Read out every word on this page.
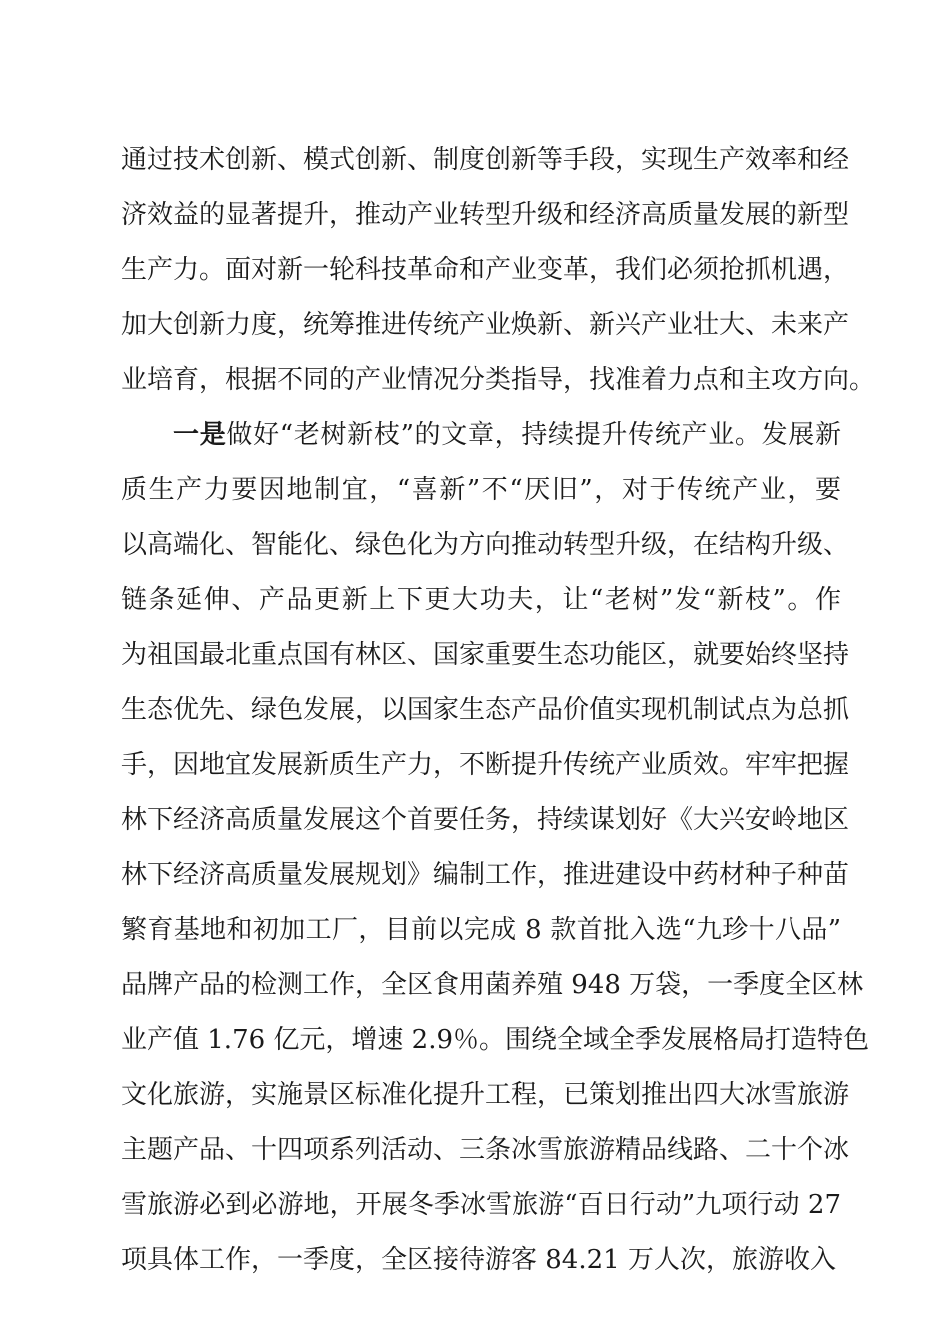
通过技术创新、模式创新、制度创新等手段，实现生产效率和经
济效益的显著提升，推动产业转型升级和经济高质量发展的新型
生产力。面对新一轮科技革命和产业变革，我们必须抢抓机遇，
加大创新力度，统筹推进传统产业焕新、新兴产业壮大、未来产
业培育，根据不同的产业情况分类指导，找准着力点和主攻方向。
一是做好“老树新枝”的文章，持续提升传统产业。发展新
质生产力要因地制宜，“喜新”不“厌旧”，对于传统产业，要
以高端化、智能化、绿色化为方向推动转型升级，在结构升级、
链条延伸、产品更新上下更大功夫，让“老树”发“新枝”。作
为祖国最北重点国有林区、国家重要生态功能区，就要始终坚持
生态优先、绿色发展，以国家生态产品价值实现机制试点为总抓
手，因地宜发展新质生产力，不断提升传统产业质效。牢牢把握
林下经济高质量发展这个首要任务，持续谋划好《大兴安岭地区
林下经济高质量发展规划》编制工作，推进建设中药材种子种苗
繁育基地和初加工厂，目前以完成 8 款首批入选“九珍十八品”
品牌产品的检测工作，全区食用菌养殖 948 万袋，一季度全区林
业产值 1.76 亿元，增速 2.9％。围绕全域全季发展格局打造特色
文化旅游，实施景区标准化提升工程，已策划推出四大冰雪旅游
主题产品、十四项系列活动、三条冰雪旅游精品线路、二十个冰
雪旅游必到必游地，开展冬季冰雪旅游“百日行动”九项行动 27
项具体工作，一季度，全区接待游客 84.21 万人次，旅游收入
